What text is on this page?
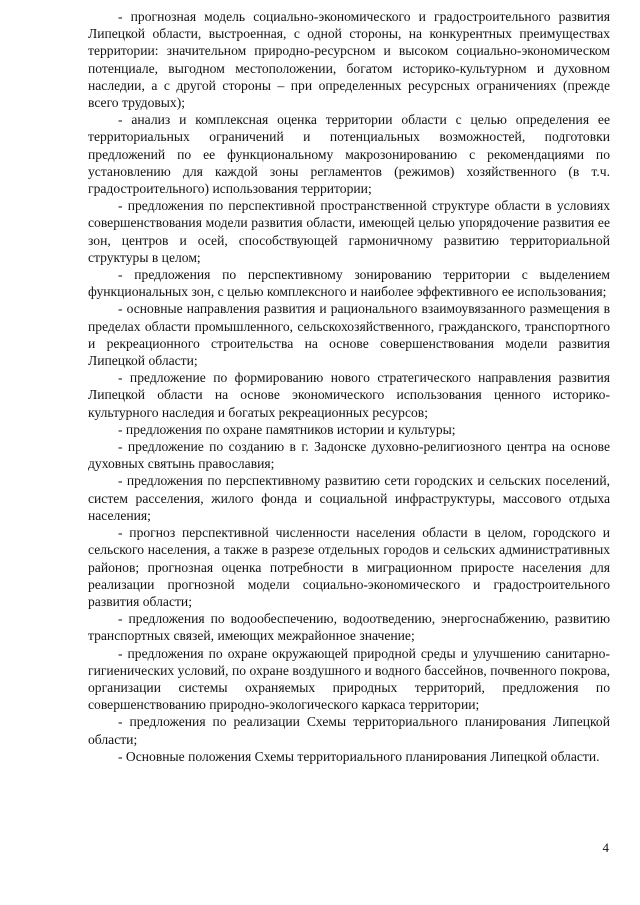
- прогнозная модель социально-экономического и градостроительного развития Липецкой области, выстроенная, с одной стороны, на конкурентных преимуществах территории: значительном природно-ресурсном и высоком социально-экономическом потенциале, выгодном местоположении, богатом историко-культурном и духовном наследии, а с другой стороны – при определенных ресурсных ограничениях (прежде всего трудовых);

- анализ и комплексная оценка территории области с целью определения ее территориальных ограничений и потенциальных возможностей, подготовки предложений по ее функциональному макрозонированию с рекомендациями по установлению для каждой зоны регламентов (режимов) хозяйственного (в т.ч. градостроительного) использования территории;

- предложения по перспективной пространственной структуре области в условиях совершенствования модели развития области, имеющей целью упорядочение развития ее зон, центров и осей, способствующей гармоничному развитию территориальной структуры в целом;

- предложения по перспективному зонированию территории с выделением функциональных зон, с целью комплексного и наиболее эффективного ее использования;

- основные направления развития и рационального взаимоувязанного размещения в пределах области промышленного, сельскохозяйственного, гражданского, транспортного и рекреационного строительства на основе совершенствования модели развития Липецкой области;

- предложение по формированию нового стратегического направления развития Липецкой области на основе экономического использования ценного историко-культурного наследия и богатых рекреационных ресурсов;

- предложения по охране памятников истории и культуры;

- предложение по созданию в г. Задонске духовно-религиозного центра на основе духовных святынь православия;

- предложения по перспективному развитию сети городских и сельских поселений, систем расселения, жилого фонда и социальной инфраструктуры, массового отдыха населения;

- прогноз перспективной численности населения области в целом, городского и сельского населения, а также в разрезе отдельных городов и сельских административных районов; прогнозная оценка потребности в миграционном приросте населения для реализации прогнозной модели социально-экономического и градостроительного развития области;

- предложения по водообеспечению, водоотведению, энергоснабжению, развитию транспортных связей, имеющих межрайонное значение;

- предложения по охране окружающей природной среды и улучшению санитарно-гигиенических условий, по охране воздушного и водного бассейнов, почвенного покрова, организации системы охраняемых природных территорий, предложения по совершенствованию природно-экологического каркаса территории;

- предложения по реализации Схемы территориального планирования Липецкой области;

- Основные положения Схемы территориального планирования Липецкой области.

4
